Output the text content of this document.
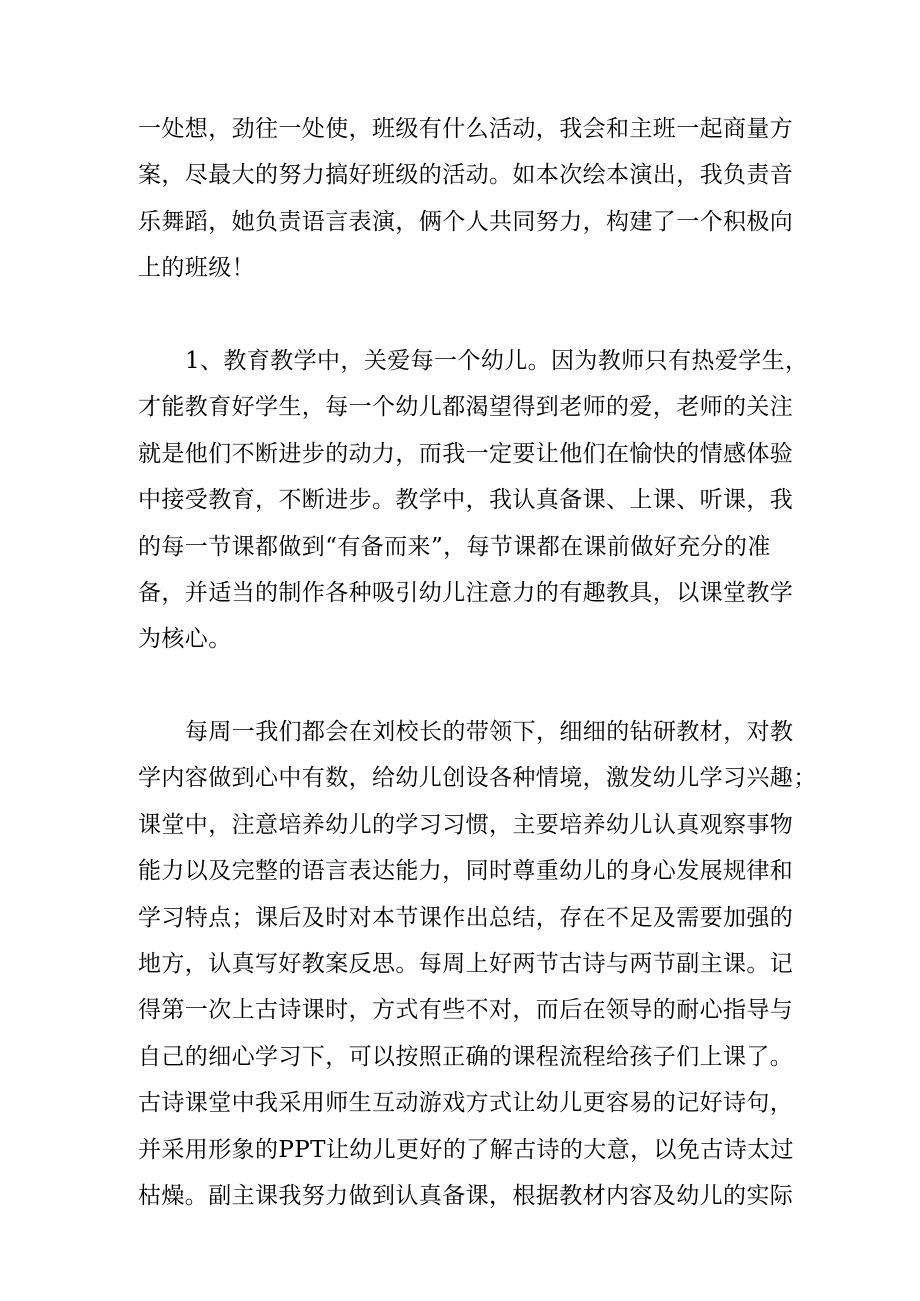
一处想，劲往一处使，班级有什么活动，我会和主班一起商量方
案，尽最大的努力搞好班级的活动。如本次绘本演出，我负责音
乐舞蹈，她负责语言表演，俩个人共同努力，构建了一个积极向
上的班级！
1、教育教学中，关爱每一个幼儿。因为教师只有热爱学生，
才能教育好学生，每一个幼儿都渴望得到老师的爱，老师的关注
就是他们不断进步的动力，而我一定要让他们在愉快的情感体验
中接受教育，不断进步。教学中，我认真备课、上课、听课，我
的每一节课都做到“有备而来”，每节课都在课前做好充分的准
备，并适当的制作各种吸引幼儿注意力的有趣教具，以课堂教学
为核心。
每周一我们都会在刘校长的带领下，细细的钻研教材，对教
学内容做到心中有数，给幼儿创设各种情境，激发幼儿学习兴趣；
课堂中，注意培养幼儿的学习习惯，主要培养幼儿认真观察事物
能力以及完整的语言表达能力，同时尊重幼儿的身心发展规律和
学习特点；课后及时对本节课作出总结，存在不足及需要加强的
地方，认真写好教案反思。每周上好两节古诗与两节副主课。记
得第一次上古诗课时，方式有些不对，而后在领导的耐心指导与
自己的细心学习下，可以按照正确的课程流程给孩子们上课了。
古诗课堂中我采用师生互动游戏方式让幼儿更容易的记好诗句，
并采用形象的PPT让幼儿更好的了解古诗的大意，以免古诗太过
枯燥。副主课我努力做到认真备课，根据教材内容及幼儿的实际
